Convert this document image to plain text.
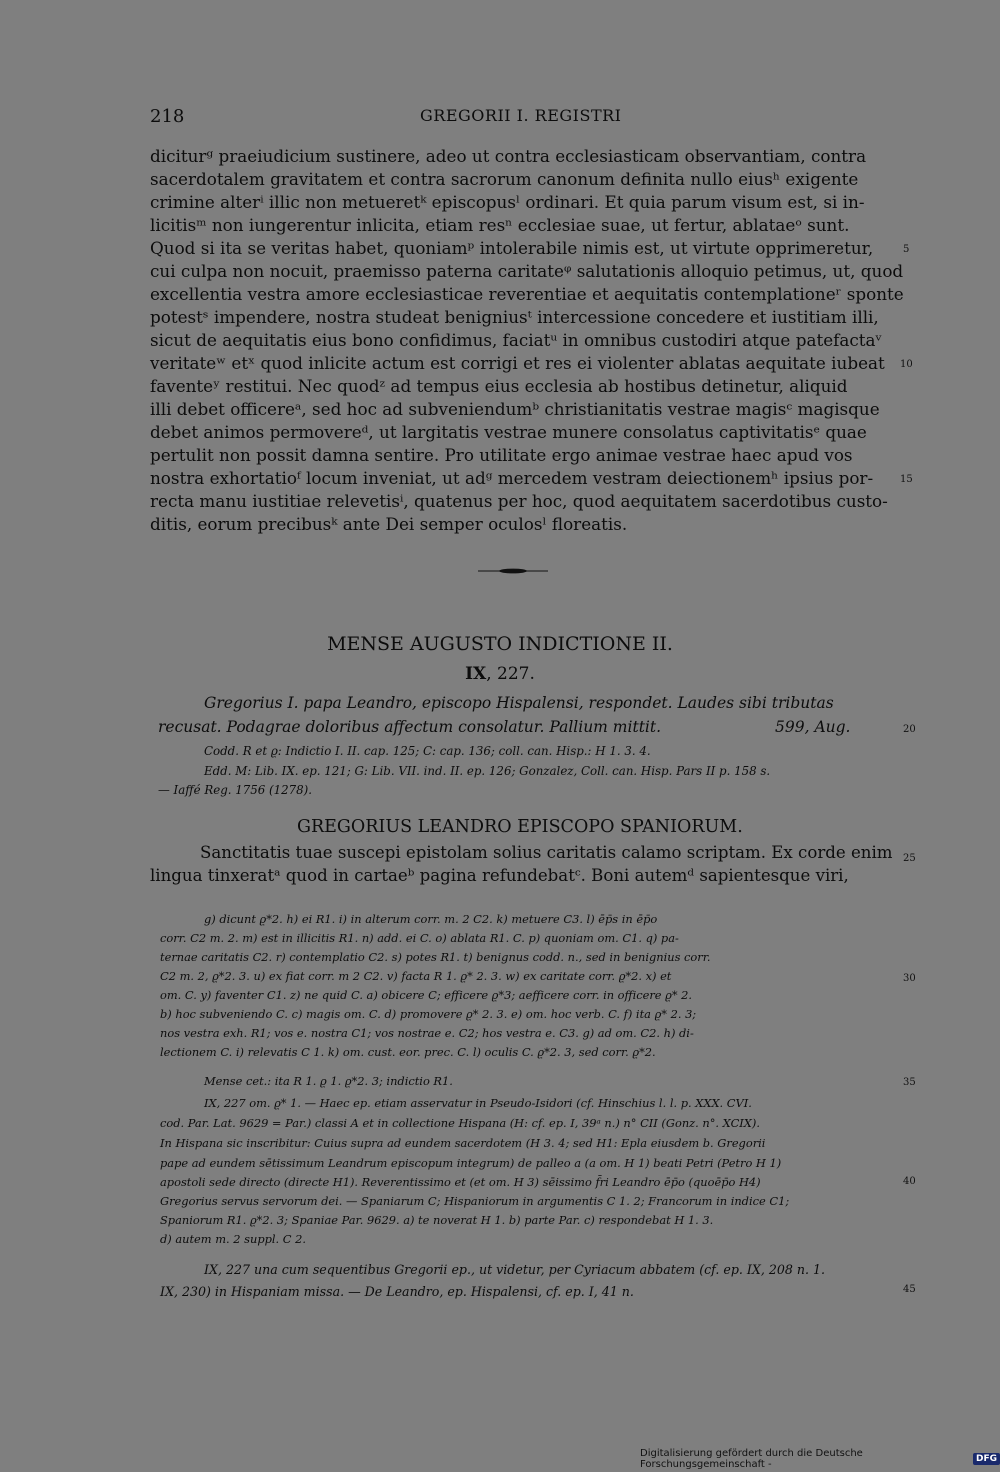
218	GREGORII I. REGISTRI
diciturᵍ praeiudicium sustinere, adeo ut contra ecclesiasticam observantiam, contra
sacerdotalem gravitatem et contra sacrorum canonum definita nullo eiusʰ exigente
crimine alterⁱ illic non metueretᵏ episcopusˡ ordinari. Et quia parum visum est, si in-
licitisᵐ non iungerentur inlicita, etiam resⁿ ecclesiae suae, ut fertur, ablataeᵒ sunt.
Quod si ita se veritas habet, quoniamᵖ intolerabile nimis est, ut virtute opprimeretur,
cui culpa non nocuit, praemisso paterna caritateᵠ salutationis alloquio petimus, ut, quod
excellentia vestra amore ecclesiasticae reverentiae et aequitatis contemplationeʳ sponte
potestˢ impendere, nostra studeat benigniusᵗ intercessione concedere et iustitiam illi,
sicut de aequitatis eius bono confidimus, faciatᵘ in omnibus custodiri atque patefactaᵛ
veritateʷ etˣ quod inlicite actum est corrigi et res ei violenter ablatas aequitate iubeat
faventeʸ restitui. Nec quodᶻ ad tempus eius ecclesia ab hostibus detinetur, aliquid
illi debet officereᵃ, sed hoc ad subveniendumᵇ christianitatis vestrae magisᶜ magisque
debet animos permovereᵈ, ut largitatis vestrae munere consolatus captivitatisᵉ quae
pertulit non possit damna sentire. Pro utilitate ergo animae vestrae haec apud vos
nostra exhortatioᶠ locum inveniat, ut adᵍ mercedem vestram deiectionemʰ ipsius por-
recta manu iustitiae relevetisⁱ, quatenus per hoc, quod aequitatem sacerdotibus custo-
ditis, eorum precibusᵏ ante Dei semper oculosˡ floreatis.
5
10
15
20
25
30
35
40
45
MENSE AUGUSTO INDICTIONE II.
IX, 227.
Gregorius I. papa Leandro, episcopo Hispalensi, respondet. Laudes sibi tributas
recusat. Podagrae doloribus affectum consolatur. Pallium mittit.	599, Aug.
Codd. R et ϱ: Indictio I. II. cap. 125; C: cap. 136; coll. can. Hisp.: H 1. 3. 4.
Edd. M: Lib. IX. ep. 121; G: Lib. VII. ind. II. ep. 126; Gonzalez, Coll. can. Hisp. Pars II p. 158 s.
— Iaffé Reg. 1756 (1278).
GREGORIUS LEANDRO EPISCOPO SPANIORUM.
Sanctitatis tuae suscepi epistolam solius caritatis calamo scriptam. Ex corde enim
lingua tinxeratᵃ quod in cartaeᵇ pagina refundebatᶜ. Boni autemᵈ sapientesque viri,
g) dicunt ϱ*2. h) ei R1. i) in alterum corr. m. 2 C2. k) metuere C3. l) ēp̄s in ēp̄o
corr. C2 m. 2. m) est in illicitis R1. n) add. ei C. o) ablata R1. C. p) quoniam om. C1. q) pa-
ternae caritatis C2. r) contemplatio C2. s) potes R1. t) benignus codd. n., sed in benignius corr.
C2 m. 2, ϱ*2. 3. u) ex fiat corr. m 2 C2. v) facta R 1. ϱ* 2. 3. w) ex caritate corr. ϱ*2. x) et
om. C. y) faventer C1. z) ne quid C. a) obicere C; efficere ϱ*3; aefficere corr. in officere ϱ* 2.
b) hoc subveniendo C. c) magis om. C. d) promovere ϱ* 2. 3. e) om. hoc verb. C. f) ita ϱ* 2. 3;
nos vestra exh. R1; vos e. nostra C1; vos nostrae e. C2; hos vestra e. C3. g) ad om. C2. h) di-
lectionem C. i) relevatis C 1. k) om. cust. eor. prec. C. l) oculis C. ϱ*2. 3, sed corr. ϱ*2.
Mense cet.: ita R 1. ϱ 1. ϱ*2. 3; indictio R1.
IX, 227 om. ϱ* 1. — Haec ep. etiam asservatur in Pseudo-Isidori (cf. Hinschius l. l. p. XXX. CVI.
cod. Par. Lat. 9629 = Par.) classi A et in collectione Hispana (H: cf. ep. I, 39ᵃ n.) n° CII (Gonz. n°. XCIX).
In Hispana sic inscribitur: Cuius supra ad eundem sacerdotem (H 3. 4; sed H1: Epla eiusdem b. Gregorii
pape ad eundem sētissimum Leandrum episcopum integrum) de palleo a (a om. H 1) beati Petri (Petro H 1)
apostoli sede directo (directe H1). Reverentissimo et (et om. H 3) sēissimo f̄ri Leandro ēp̄o (quoēp̄o H4)
Gregorius servus servorum dei. — Spaniarum C; Hispaniorum in argumentis C 1. 2; Francorum in indice C1;
Spaniorum R1. ϱ*2. 3; Spaniae Par. 9629. a) te noverat H 1. b) parte Par. c) respondebat H 1. 3.
d) autem m. 2 suppl. C 2.
IX, 227 una cum sequentibus Gregorii ep., ut videtur, per Cyriacum abbatem (cf. ep. IX, 208 n. 1.
IX, 230) in Hispaniam missa. — De Leandro, ep. Hispalensi, cf. ep. I, 41 n.
Digitalisierung gefördert durch die Deutsche Forschungsgemeinschaft -	DFG
